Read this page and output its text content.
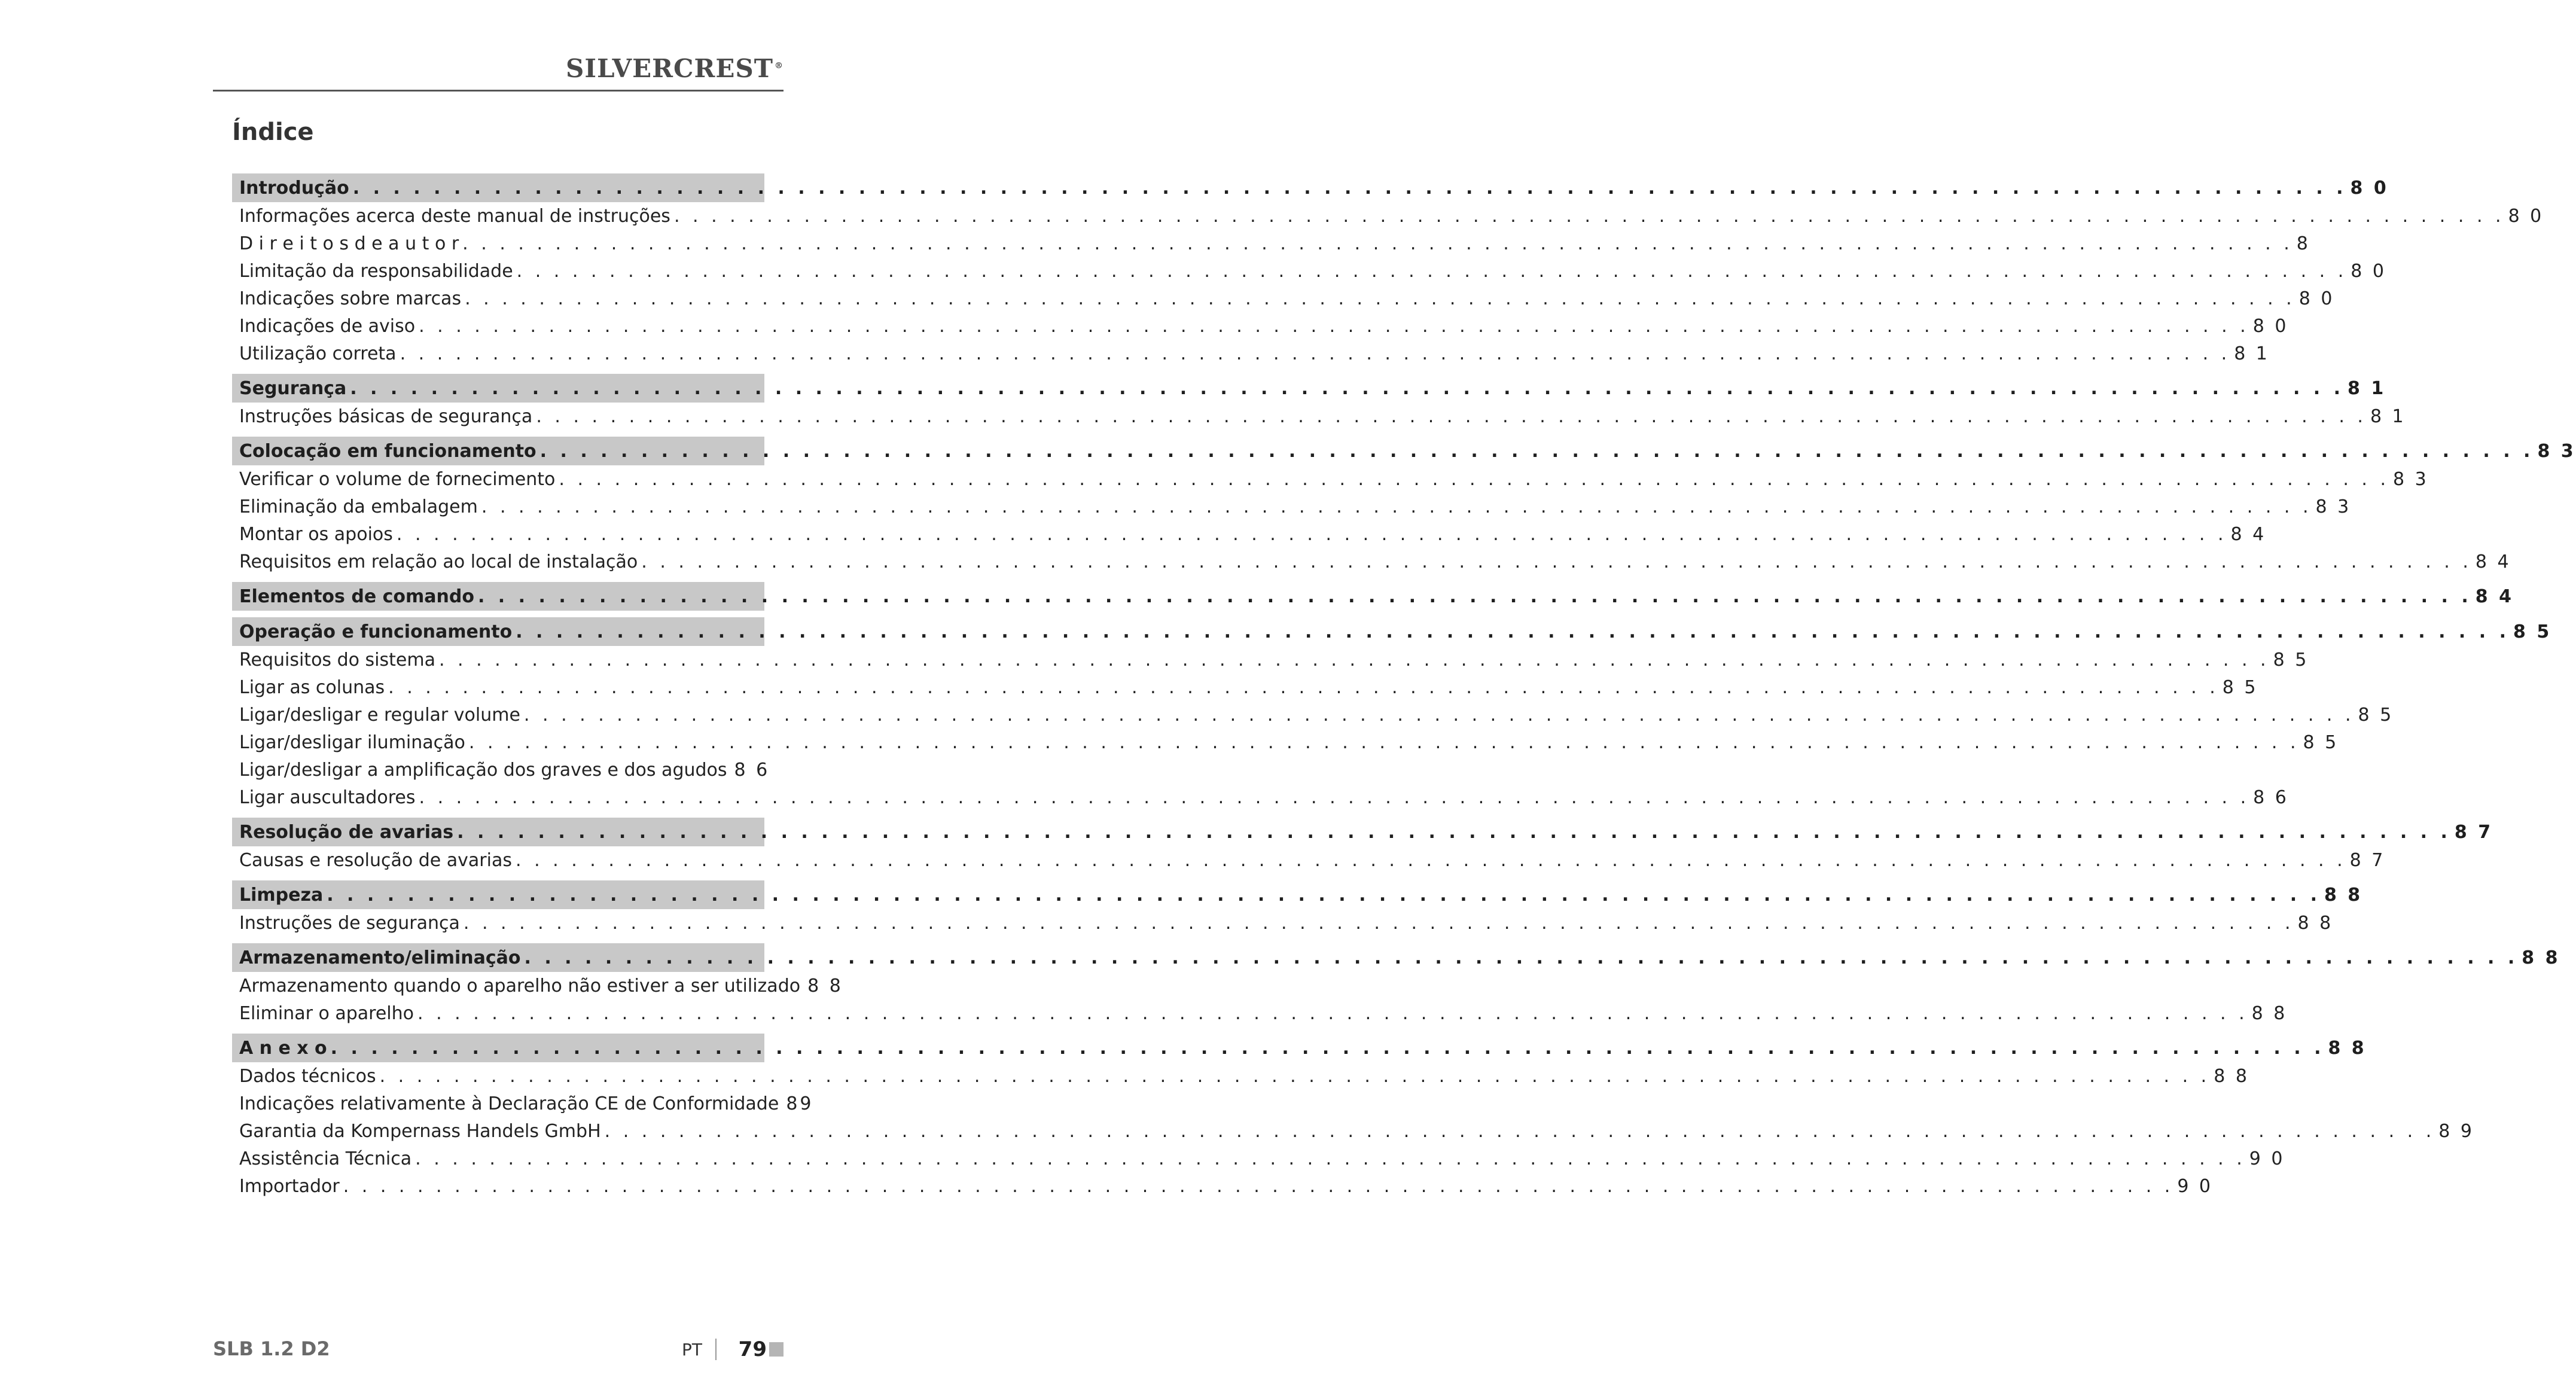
SILVERCREST ®
Índice
Introdução . . .	8 0
Informações acerca deste manual de instruções . . .	8 0
D i r e i t o s d e a u t o r . . .	8
Limitação da responsabilidade . . .	8 0
Indicações sobre marcas . . .	8 0
Indicações de aviso . . .	8 0
Utilização correta . . .	8 1
Segurança . . .	8 1
Instruções básicas de segurança . . .	8 1
Colocação em funcionamento . . .	8 3
Verificar o volume de fornecimento . . .	8 3
Eliminação da embalagem . . .	8 3
Montar os apoios . . .	8 4
Requisitos em relação ao local de instalação . . .	8 4
Elementos de comando . . .	8 4
Operação e funcionamento . . .	8 5
Requisitos do sistema . . .	8 5
Ligar as colunas . . .	8 5
Ligar/desligar e regular volume . . .	8 5
Ligar/desligar iluminação . . .	8 5
Ligar/desligar a amplificação dos graves e dos agudos 8 6
Ligar auscultadores . . .	8 6
Resolução de avarias . . .	8 7
Causas e resolução de avarias . . .	8 7
Limpeza . . .	8 8
Instruções de segurança . . .	8 8
Armazenamento/eliminação . . .	8 8
Armazenamento quando o aparelho não estiver a ser utilizado 8 8
Eliminar o aparelho . . .	8 8
A n e x o . . .	8 8
Dados técnicos . . .	8 8
Indicações relativamente à Declaração CE de Conformidade 89
Garantia da Kompernass Handels GmbH . . .	8 9
Assistência Técnica . . .	9 0
Importador . . .	9 0
SLB 1.2 D2	PT 79
